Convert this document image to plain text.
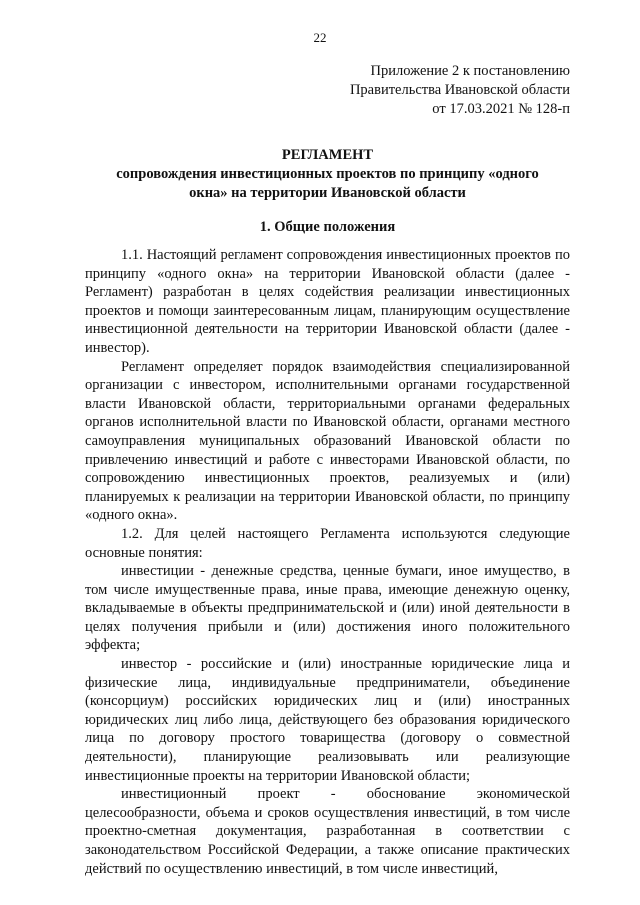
22
Приложение 2 к постановлению
Правительства Ивановской области
от 17.03.2021 № 128-п
РЕГЛАМЕНТ
сопровождения инвестиционных проектов по принципу «одного
окна» на территории Ивановской области
1. Общие положения

1.1. Настоящий регламент сопровождения инвестиционных проектов по принципу «одного окна» на территории Ивановской области (далее - Регламент) разработан в целях содействия реализации инвестиционных проектов и помощи заинтересованным лицам, планирующим осуществление инвестиционной деятельности на территории Ивановской области (далее - инвестор).

Регламент определяет порядок взаимодействия специализированной организации с инвестором, исполнительными органами государственной власти Ивановской области, территориальными органами федеральных органов исполнительной власти по Ивановской области, органами местного самоуправления муниципальных образований Ивановской области по привлечению инвестиций и работе с инвесторами Ивановской области, по сопровождению инвестиционных проектов, реализуемых и (или) планируемых к реализации на территории Ивановской области, по принципу «одного окна».

1.2. Для целей настоящего Регламента используются следующие основные понятия:

инвестиции - денежные средства, ценные бумаги, иное имущество, в том числе имущественные права, иные права, имеющие денежную оценку, вкладываемые в объекты предпринимательской и (или) иной деятельности в целях получения прибыли и (или) достижения иного положительного эффекта;

инвестор - российские и (или) иностранные юридические лица и физические лица, индивидуальные предприниматели, объединение (консорциум) российских юридических лиц и (или) иностранных юридических лиц либо лица, действующего без образования юридического лица по договору простого товарищества (договору о совместной деятельности), планирующие реализовывать или реализующие инвестиционные проекты на территории Ивановской области;

инвестиционный проект - обоснование экономической целесообразности, объема и сроков осуществления инвестиций, в том числе проектно-сметная документация, разработанная в соответствии с законодательством Российской Федерации, а также описание практических действий по осуществлению инвестиций, в том числе инвестиций,
